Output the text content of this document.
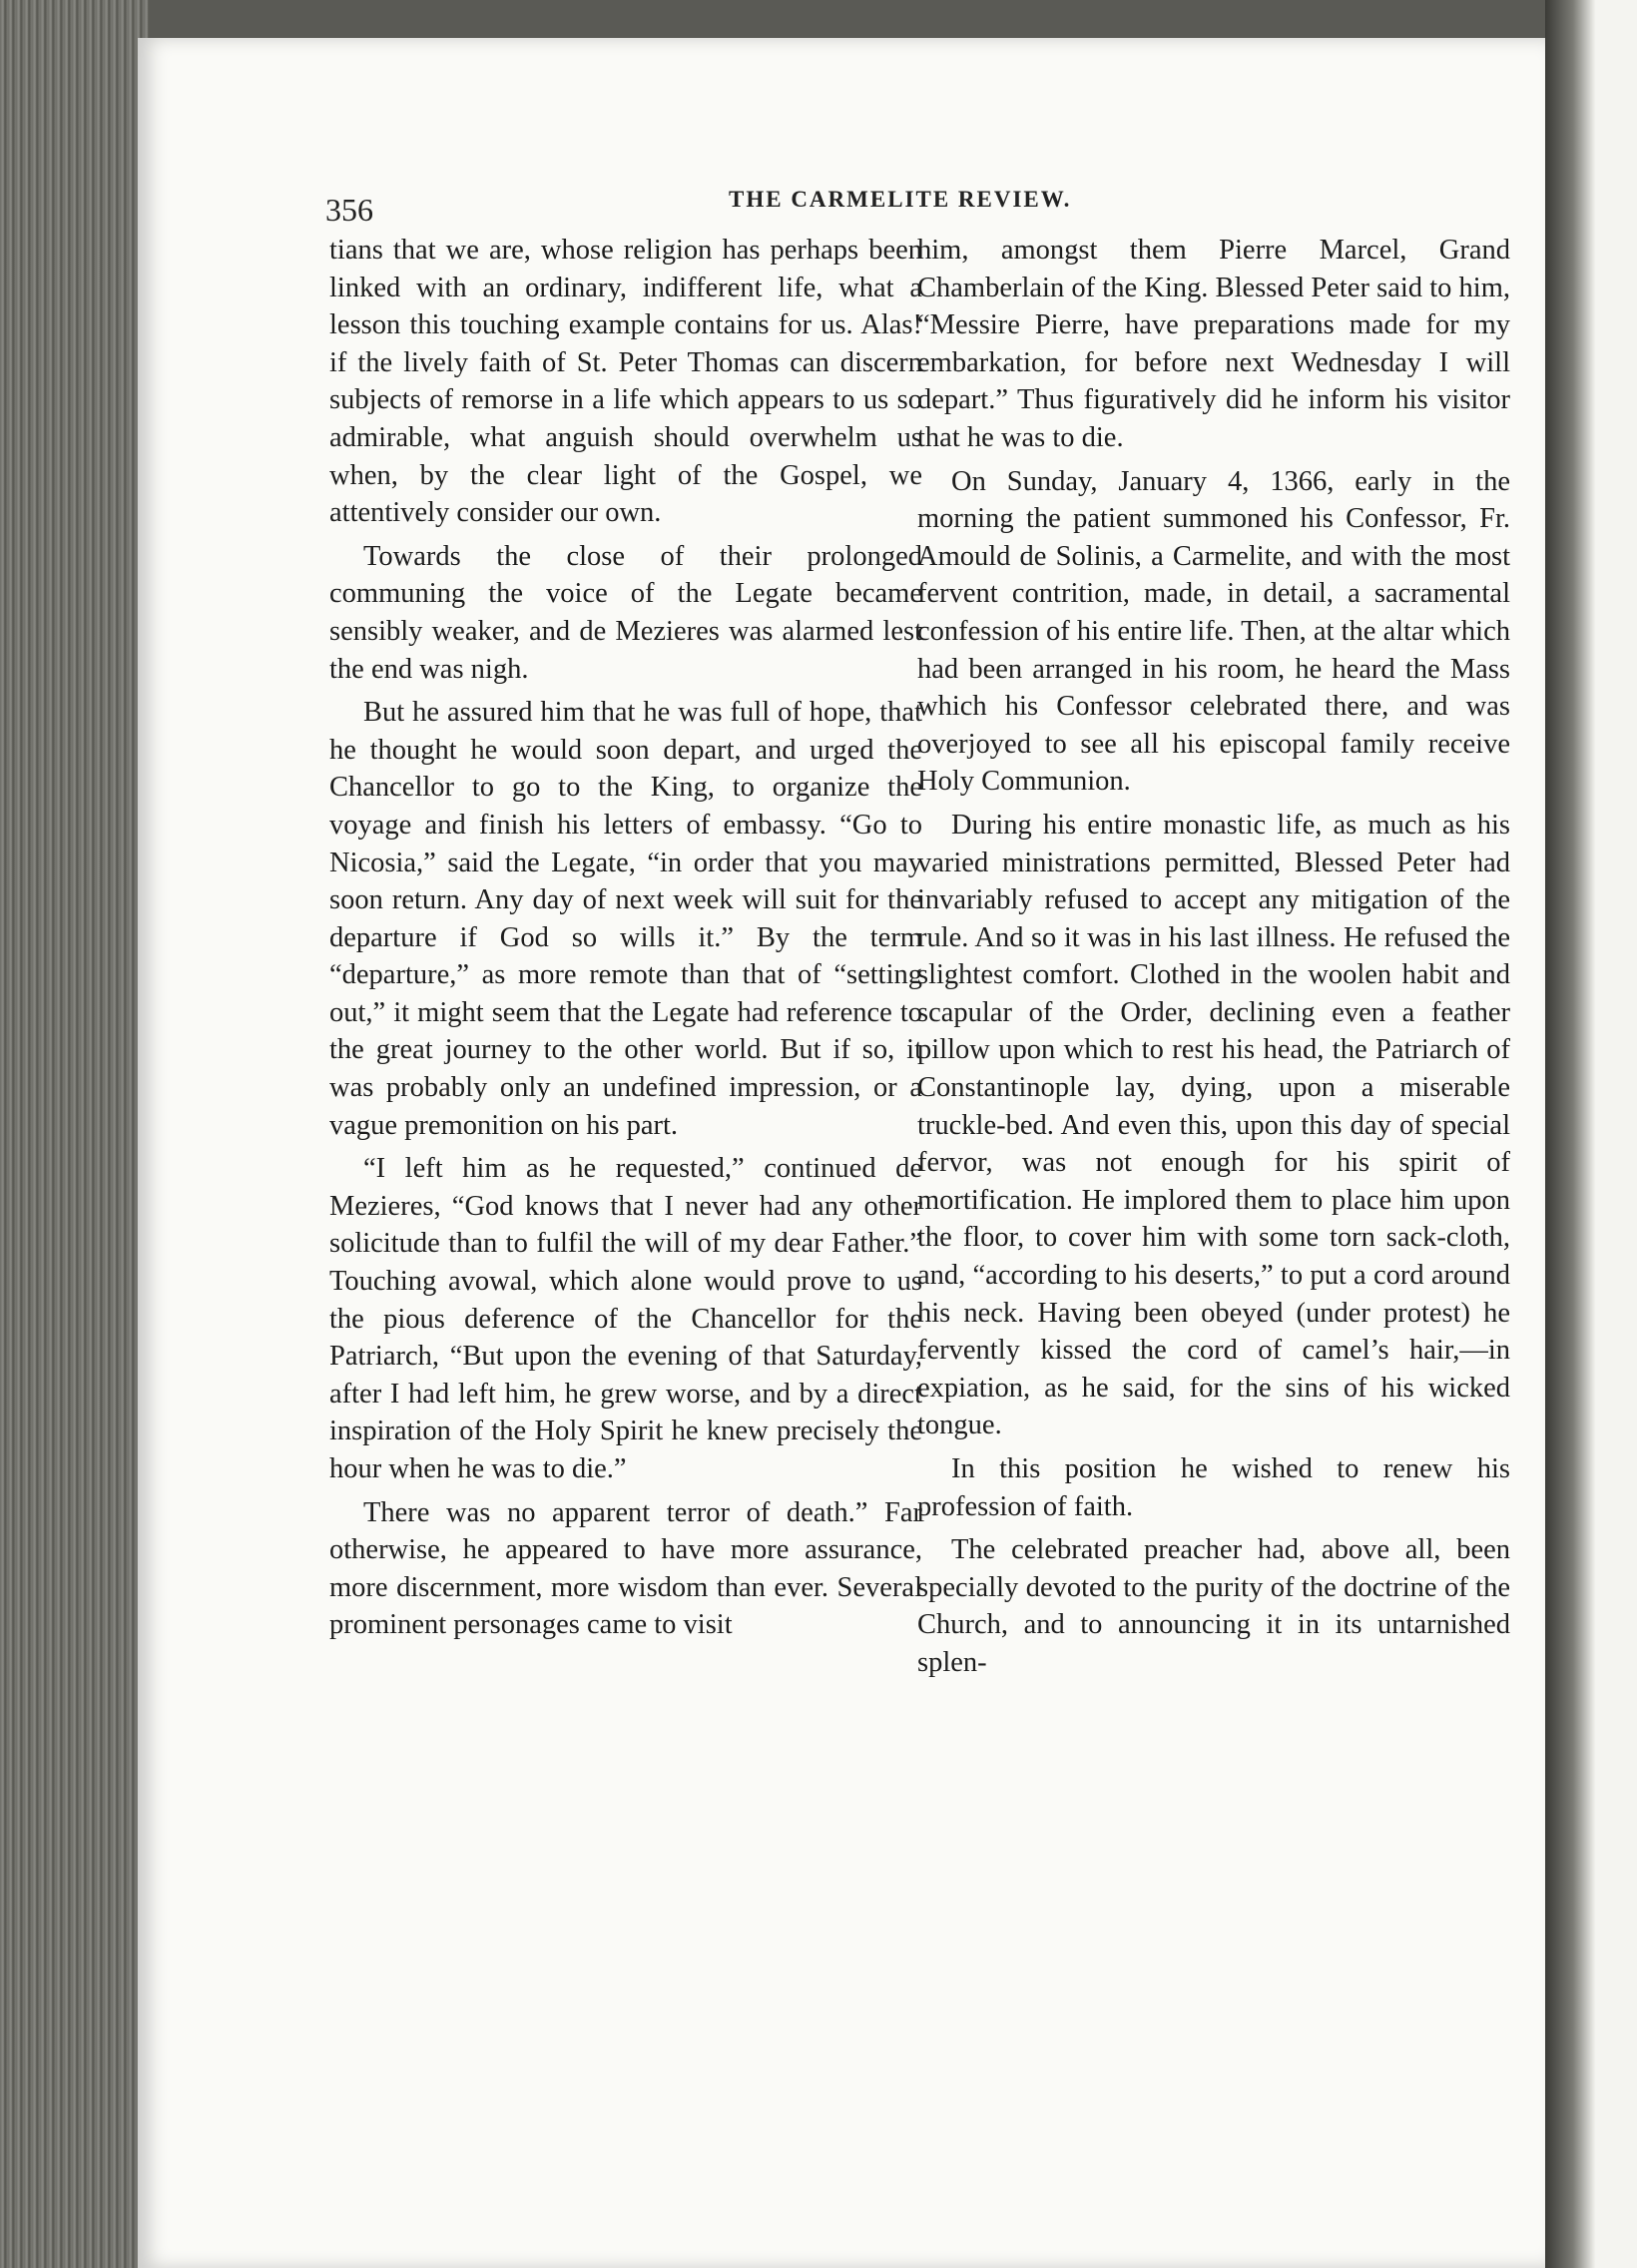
356	THE CARMELITE REVIEW.

tians that we are, whose religion has perhaps been linked with an ordinary, indifferent life, what a lesson this touching example contains for us. Alas! if the lively faith of St. Peter Thomas can discern subjects of remorse in a life which appears to us so admirable, what anguish should overwhelm us when, by the clear light of the Gospel, we attentively consider our own.

Towards the close of their prolonged communing the voice of the Legate became sensibly weaker, and de Mezieres was alarmed lest the end was nigh.

But he assured him that he was full of hope, that he thought he would soon depart, and urged the Chancellor to go to the King, to organize the voyage and finish his letters of embassy. “Go to Nicosia,” said the Legate, “in order that you may soon return. Any day of next week will suit for the departure if God so wills it.” By the term “departure,” as more remote than that of “setting out,” it might seem that the Legate had reference to the great journey to the other world. But if so, it was probably only an undefined impression, or a vague premonition on his part.

“I left him as he requested,” continued de Mezieres, “God knows that I never had any other solicitude than to fulfil the will of my dear Father.” Touching avowal, which alone would prove to us the pious deference of the Chancellor for the Patriarch, “But upon the evening of that Saturday, after I had left him, he grew worse, and by a direct inspiration of the Holy Spirit he knew precisely the hour when he was to die.”

There was no apparent terror of death.” Far otherwise, he appeared to have more assurance, more discernment, more wisdom than ever. Several prominent personages came to visit

him, amongst them Pierre Marcel, Grand Chamberlain of the King. Blessed Peter said to him, “Messire Pierre, have preparations made for my embarkation, for before next Wednesday I will depart.” Thus figuratively did he inform his visitor that he was to die.

On Sunday, January 4, 1366, early in the morning the patient summoned his Confessor, Fr. Amould de Solinis, a Carmelite, and with the most fervent contrition, made, in detail, a sacramental confession of his entire life. Then, at the altar which had been arranged in his room, he heard the Mass which his Confessor celebrated there, and was overjoyed to see all his episcopal family receive Holy Communion.

During his entire monastic life, as much as his varied ministrations permitted, Blessed Peter had invariably refused to accept any mitigation of the rule. And so it was in his last illness. He refused the slightest comfort. Clothed in the woolen habit and scapular of the Order, declining even a feather pillow upon which to rest his head, the Patriarch of Constantinople lay, dying, upon a miserable truckle-bed. And even this, upon this day of special fervor, was not enough for his spirit of mortification. He implored them to place him upon the floor, to cover him with some torn sack-cloth, and, “according to his deserts,” to put a cord around his neck. Having been obeyed (under protest) he fervently kissed the cord of camel’s hair,—in expiation, as he said, for the sins of his wicked tongue.

In this position he wished to renew his profession of faith.

The celebrated preacher had, above all, been specially devoted to the purity of the doctrine of the Church, and to announcing it in its untarnished splen-
